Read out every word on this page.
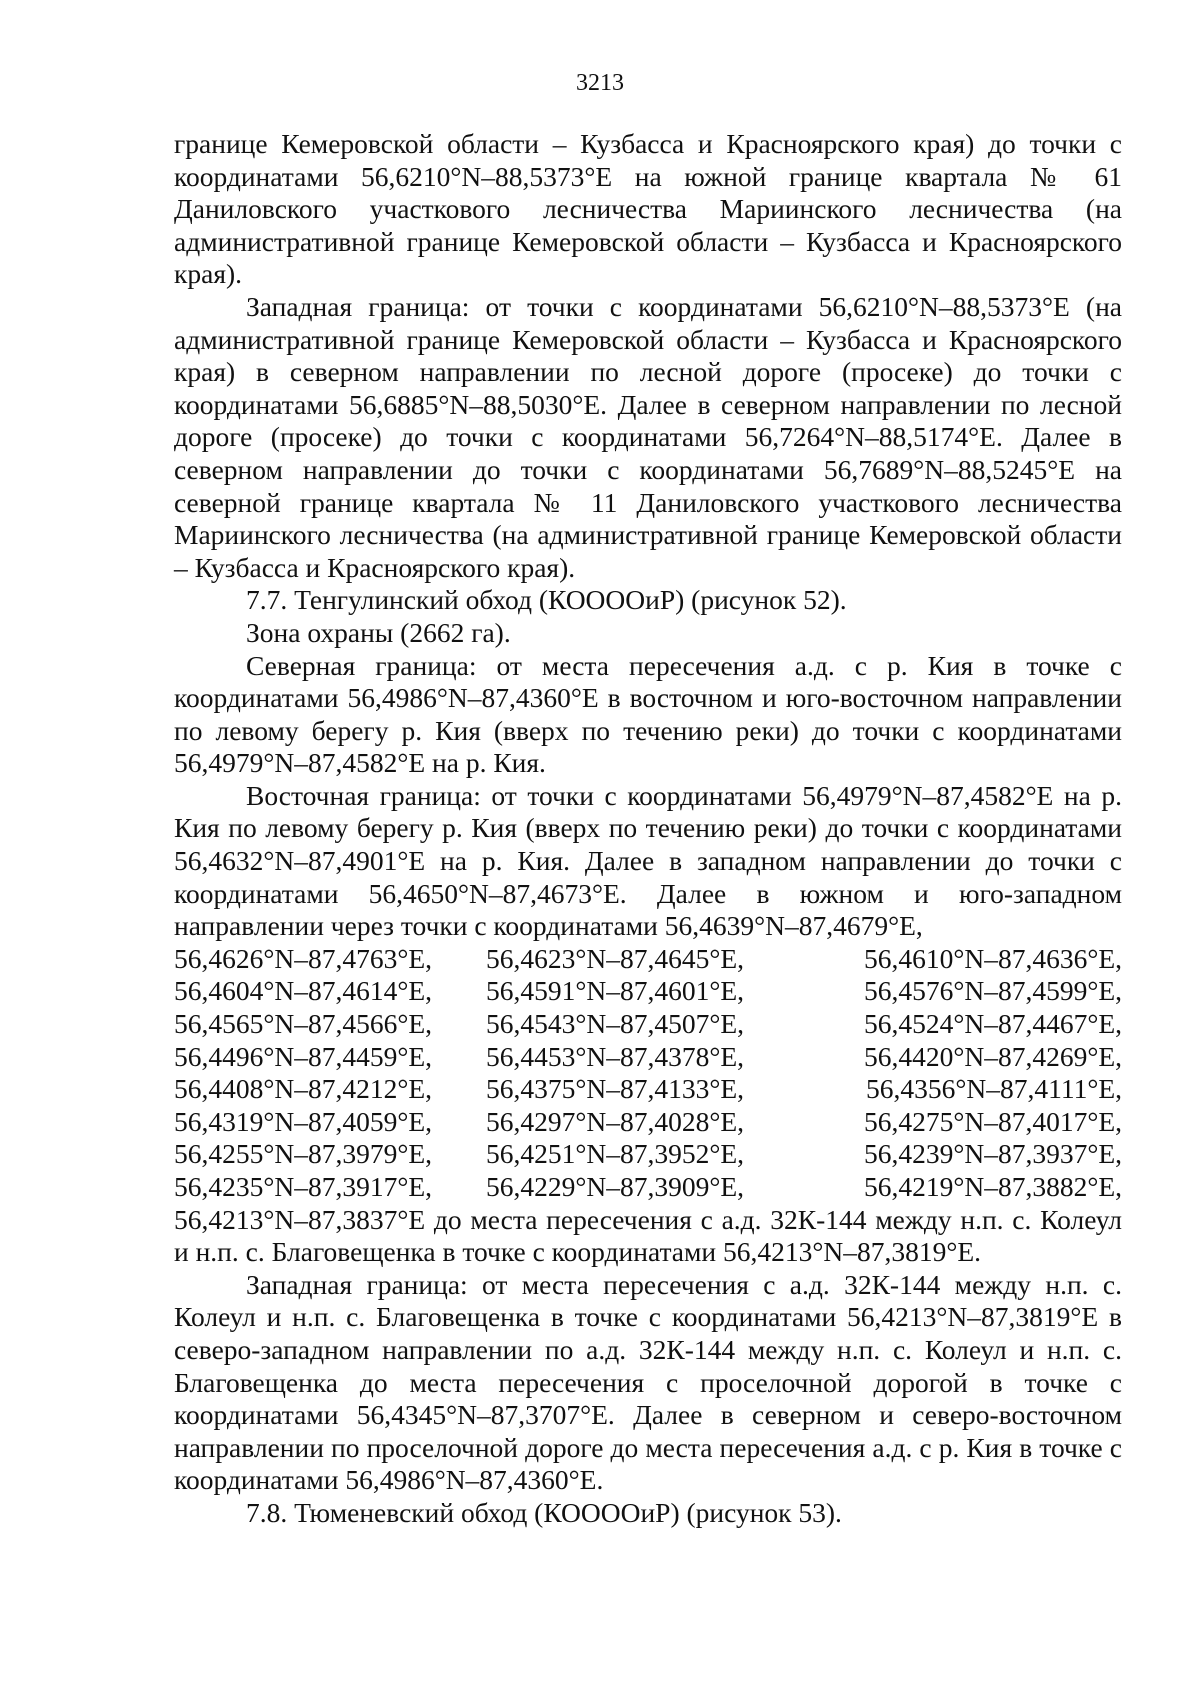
3213

границе Кемеровской области – Кузбасса и Красноярского края) до точки с координатами 56,6210°N–88,5373°E на южной границе квартала № 61 Даниловского участкового лесничества Мариинского лесничества (на административной границе Кемеровской области – Кузбасса и Красноярского края).

Западная граница: от точки с координатами 56,6210°N–88,5373°E (на административной границе Кемеровской области – Кузбасса и Красноярского края) в северном направлении по лесной дороге (просеке) до точки с координатами 56,6885°N–88,5030°E. Далее в северном направлении по лесной дороге (просеке) до точки с координатами 56,7264°N–88,5174°E. Далее в северном направлении до точки с координатами 56,7689°N–88,5245°E на северной границе квартала № 11 Даниловского участкового лесничества Мариинского лесничества (на административной границе Кемеровской области – Кузбасса и Красноярского края).

7.7. Тенгулинский обход (КООООиР) (рисунок 52).

Зона охраны (2662 га).

Северная граница: от места пересечения а.д. с р. Кия в точке с координатами 56,4986°N–87,4360°E в восточном и юго-восточном направлении по левому берегу р. Кия (вверх по течению реки) до точки с координатами 56,4979°N–87,4582°E на р. Кия.

Восточная граница: от точки с координатами 56,4979°N–87,4582°E на р. Кия по левому берегу р. Кия (вверх по течению реки) до точки с координатами 56,4632°N–87,4901°E на р. Кия. Далее в западном направлении до точки с координатами 56,4650°N–87,4673°E. Далее в южном и юго-западном направлении через точки с координатами 56,4639°N–87,4679°E,

56,4626°N–87,4763°E,	56,4623°N–87,4645°E,	56,4610°N–87,4636°E,
56,4604°N–87,4614°E,	56,4591°N–87,4601°E,	56,4576°N–87,4599°E,
56,4565°N–87,4566°E,	56,4543°N–87,4507°E,	56,4524°N–87,4467°E,
56,4496°N–87,4459°E,	56,4453°N–87,4378°E,	56,4420°N–87,4269°E,
56,4408°N–87,4212°E,	56,4375°N–87,4133°E,	56,4356°N–87,4111°E,
56,4319°N–87,4059°E,	56,4297°N–87,4028°E,	56,4275°N–87,4017°E,
56,4255°N–87,3979°E,	56,4251°N–87,3952°E,	56,4239°N–87,3937°E,
56,4235°N–87,3917°E,	56,4229°N–87,3909°E,	56,4219°N–87,3882°E,

56,4213°N–87,3837°E до места пересечения с а.д. 32К-144 между н.п. с. Колеул и н.п. с. Благовещенка в точке с координатами 56,4213°N–87,3819°E.

Западная граница: от места пересечения с а.д. 32К-144 между н.п. с. Колеул и н.п. с. Благовещенка в точке с координатами 56,4213°N–87,3819°E в северо-западном направлении по а.д. 32К-144 между н.п. с. Колеул и н.п. с. Благовещенка до места пересечения с проселочной дорогой в точке с координатами 56,4345°N–87,3707°E. Далее в северном и северо-восточном направлении по проселочной дороге до места пересечения а.д. с р. Кия в точке с координатами 56,4986°N–87,4360°E.

7.8. Тюменевский обход (КООООиР) (рисунок 53).
